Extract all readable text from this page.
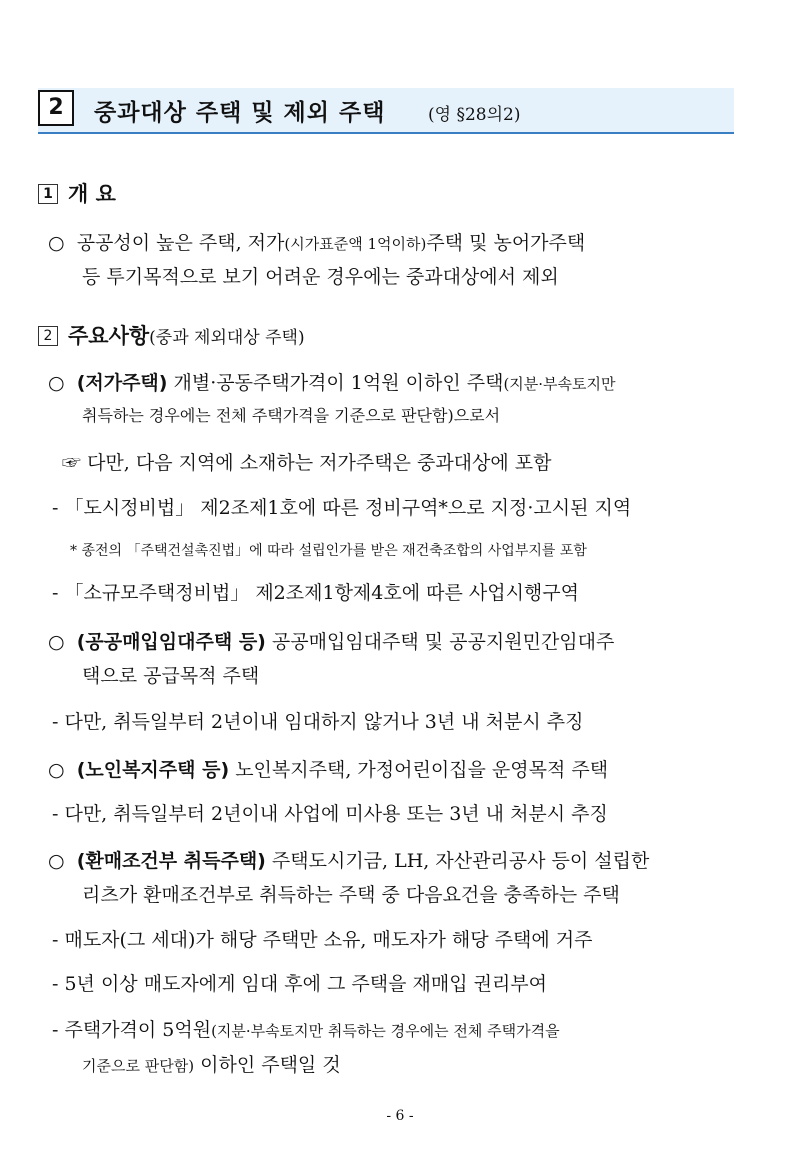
2	중과대상 주택 및 제외 주택	(영 §28의2)
1 개 요
○ 공공성이 높은 주택, 저가(시가표준액 1억이하)주택 및 농어가주택
등 투기목적으로 보기 어려운 경우에는 중과대상에서 제외
2 주요사항(중과 제외대상 주택)
○ (저가주택) 개별·공동주택가격이 1억원 이하인 주택(지분·부속토지만
취득하는 경우에는 전체 주택가격을 기준으로 판단함)으로서
☞ 다만, 다음 지역에 소재하는 저가주택은 중과대상에 포함
- 「도시정비법」 제2조제1호에 따른 정비구역*으로 지정·고시된 지역
* 종전의 「주택건설촉진법」에 따라 설립인가를 받은 재건축조합의 사업부지를 포함
- 「소규모주택정비법」 제2조제1항제4호에 따른 사업시행구역
○ (공공매입임대주택 등) 공공매입임대주택 및 공공지원민간임대주
택으로 공급목적 주택
- 다만, 취득일부터 2년이내 임대하지 않거나 3년 내 처분시 추징
○ (노인복지주택 등) 노인복지주택, 가정어린이집을 운영목적 주택
- 다만, 취득일부터 2년이내 사업에 미사용 또는 3년 내 처분시 추징
○ (환매조건부 취득주택) 주택도시기금, LH, 자산관리공사 등이 설립한
리츠가 환매조건부로 취득하는 주택 중 다음요건을 충족하는 주택
- 매도자(그 세대)가 해당 주택만 소유, 매도자가 해당 주택에 거주
- 5년 이상 매도자에게 임대 후에 그 주택을 재매입 권리부여
- 주택가격이 5억원(지분·부속토지만 취득하는 경우에는 전체 주택가격을
기준으로 판단함) 이하인 주택일 것
- 6 -
